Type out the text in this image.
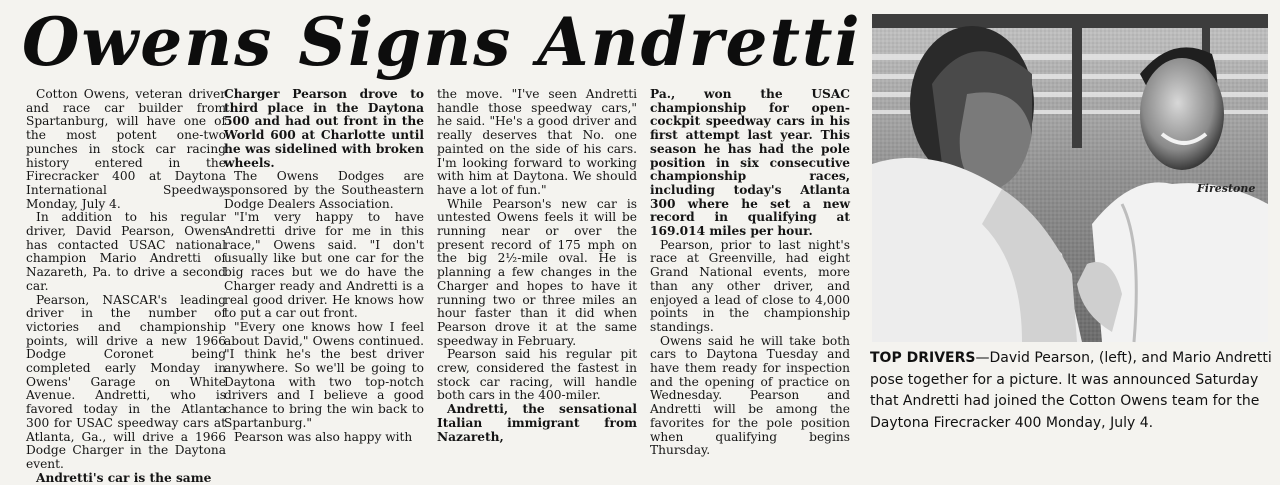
Owens Signs Andretti

Cotton Owens, veteran driver and race car builder from Spartanburg, will have one of the most potent one-two punches in stock car racing history entered in the Firecracker 400 at Daytona International Speedway Monday, July 4.

In addition to his regular driver, David Pearson, Owens has contacted USAC national champion Mario Andretti of Nazareth, Pa. to drive a second car.

Pearson, NASCAR's leading driver in the number of victories and championship points, will drive a new 1966 Dodge Coronet being completed early Monday in Owens' Garage on White Avenue. Andretti, who is favored today in the Atlanta 300 for USAC speedway cars at Atlanta, Ga., will drive a 1966 Dodge Charger in the Daytona event.

Andretti's car is the same

Charger Pearson drove to third place in the Daytona 500 and had out front in the World 600 at Charlotte until he was sidelined with broken wheels.

The Owens Dodges are sponsored by the Southeastern Dodge Dealers Association.

"I'm very happy to have Andretti drive for me in this race," Owens said. "I don't usually like but one car for the big races but we do have the Charger ready and Andretti is a real good driver. He knows how to put a car out front.

"Every one knows how I feel about David," Owens continued. "I think he's the best driver anywhere. So we'll be going to Daytona with two top-notch drivers and I believe a good chance to bring the win back to Spartanburg."

Pearson was also happy with

the move. "I've seen Andretti handle those speedway cars," he said. "He's a good driver and really deserves that No. one painted on the side of his cars. I'm looking forward to working with him at Daytona. We should have a lot of fun."

While Pearson's new car is untested Owens feels it will be running near or over the present record of 175 mph on the big 2½-mile oval. He is planning a few changes in the Charger and hopes to have it running two or three miles an hour faster than it did when Pearson drove it at the same speedway in February.

Pearson said his regular pit crew, considered the fastest in stock car racing, will handle both cars in the 400-miler.

Andretti, the sensational Italian immigrant from Nazareth,

Pa., won the USAC championship for open-cockpit speedway cars in his first attempt last year. This season he has had the pole position in six consecutive championship races, including today's Atlanta 300 where he set a new record in qualifying at 169.014 miles per hour.

Pearson, prior to last night's race at Greenville, had eight Grand National events, more than any other driver, and enjoyed a lead of close to 4,000 points in the championship standings.

Owens said he will take both cars to Daytona Tuesday and have them ready for inspection and the opening of practice on Wednesday. Pearson and Andretti will be among the favorites for the pole position when qualifying begins Thursday.

Firestone

TOP DRIVERS—David Pearson, (left), and Mario Andretti pose together for a picture. It was announced Saturday that Andretti had joined the Cotton Owens team for the Daytona Firecracker 400 Monday, July 4.
